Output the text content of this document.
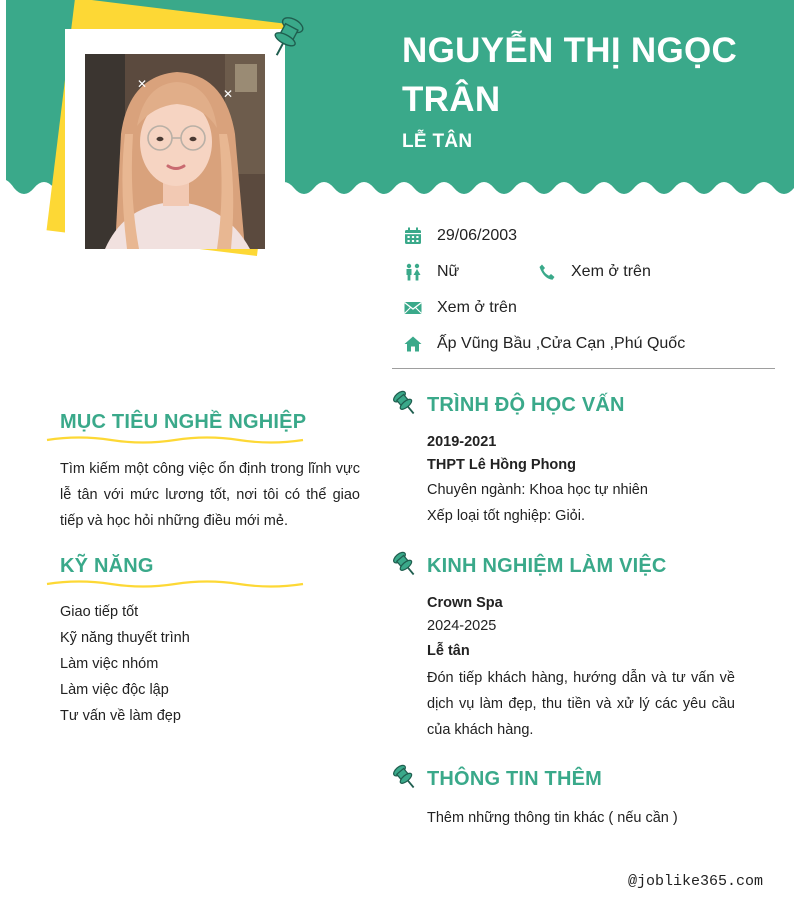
NGUYỄN THỊ NGỌC TRÂN
LỄ TÂN
✕
✕
29/06/2003
Nữ	Xem ở trên
Xem ở trên
Ấp Vũng Bầu ,Cửa Cạn ,Phú Quốc
MỤC TIÊU NGHỀ NGHIỆP
Tìm kiếm một công việc ổn định trong lĩnh vực lễ tân với mức lương tốt, nơi tôi có thể giao tiếp và học hỏi những điều mới mẻ.
KỸ NĂNG
Giao tiếp tốt
Kỹ năng thuyết trình
Làm việc nhóm
Làm việc độc lập
Tư vấn về làm đẹp
TRÌNH ĐỘ HỌC VẤN
2019-2021
THPT Lê Hồng Phong
Chuyên ngành: Khoa học tự nhiên
Xếp loại tốt nghiệp: Giỏi.
KINH NGHIỆM LÀM VIỆC
Crown Spa
2024-2025
Lễ tân
Đón tiếp khách hàng, hướng dẫn và tư vấn về dịch vụ làm đẹp, thu tiền và xử lý các yêu cầu của khách hàng.
THÔNG TIN THÊM
Thêm những thông tin khác ( nếu cần )
@joblike365.com
